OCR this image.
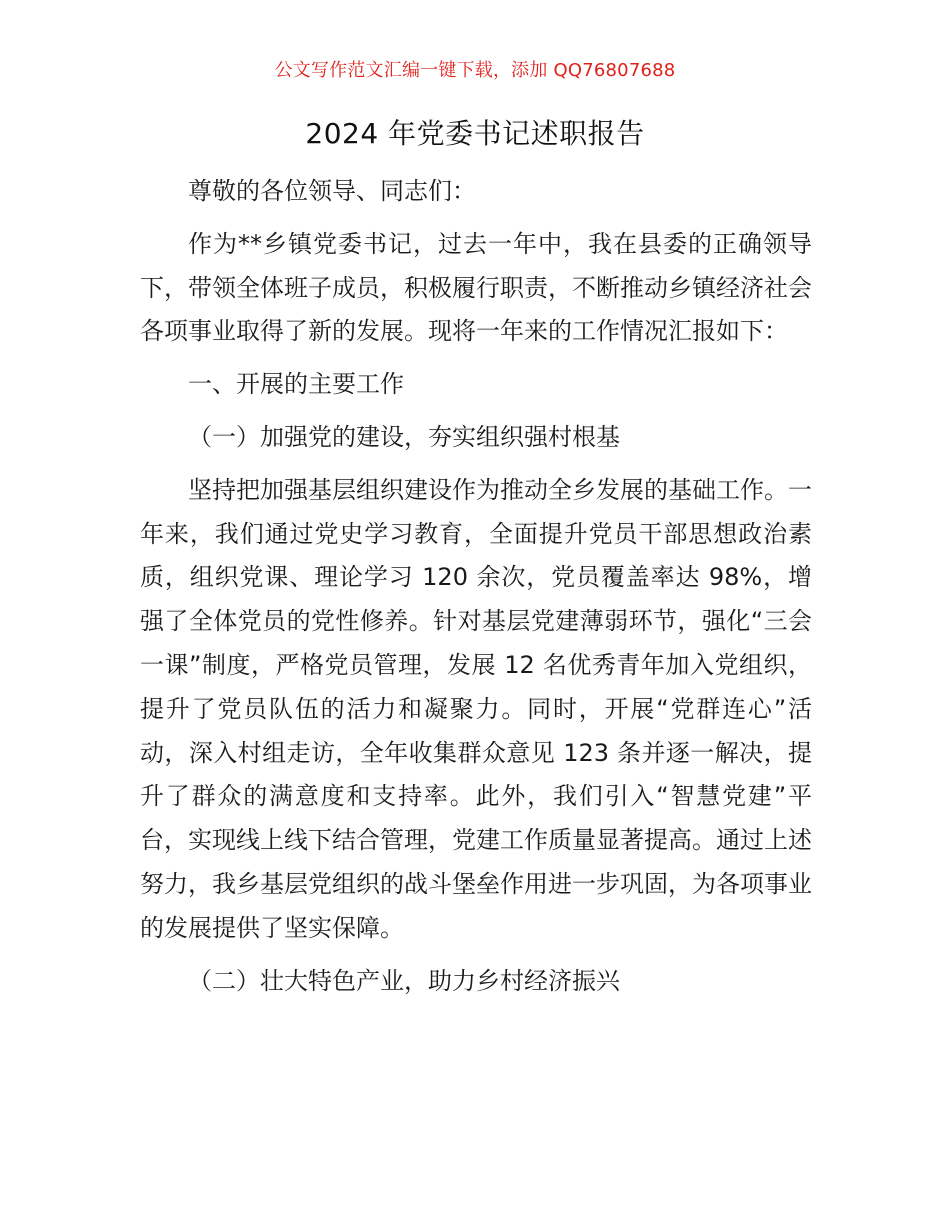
公文写作范文汇编一键下载，添加 QQ76807688
2024 年党委书记述职报告

尊敬的各位领导、同志们：

作为**乡镇党委书记，过去一年中，我在县委的正确领导下，带领全体班子成员，积极履行职责，不断推动乡镇经济社会各项事业取得了新的发展。现将一年来的工作情况汇报如下：

一、开展的主要工作

（一）加强党的建设，夯实组织强村根基

坚持把加强基层组织建设作为推动全乡发展的基础工作。一年来，我们通过党史学习教育，全面提升党员干部思想政治素质，组织党课、理论学习 120 余次，党员覆盖率达 98%，增强了全体党员的党性修养。针对基层党建薄弱环节，强化“三会一课”制度，严格党员管理，发展 12 名优秀青年加入党组织，提升了党员队伍的活力和凝聚力。同时，开展“党群连心”活动，深入村组走访，全年收集群众意见 123 条并逐一解决，提升了群众的满意度和支持率。此外，我们引入“智慧党建”平台，实现线上线下结合管理，党建工作质量显著提高。通过上述努力，我乡基层党组织的战斗堡垒作用进一步巩固，为各项事业的发展提供了坚实保障。

（二）壮大特色产业，助力乡村经济振兴
